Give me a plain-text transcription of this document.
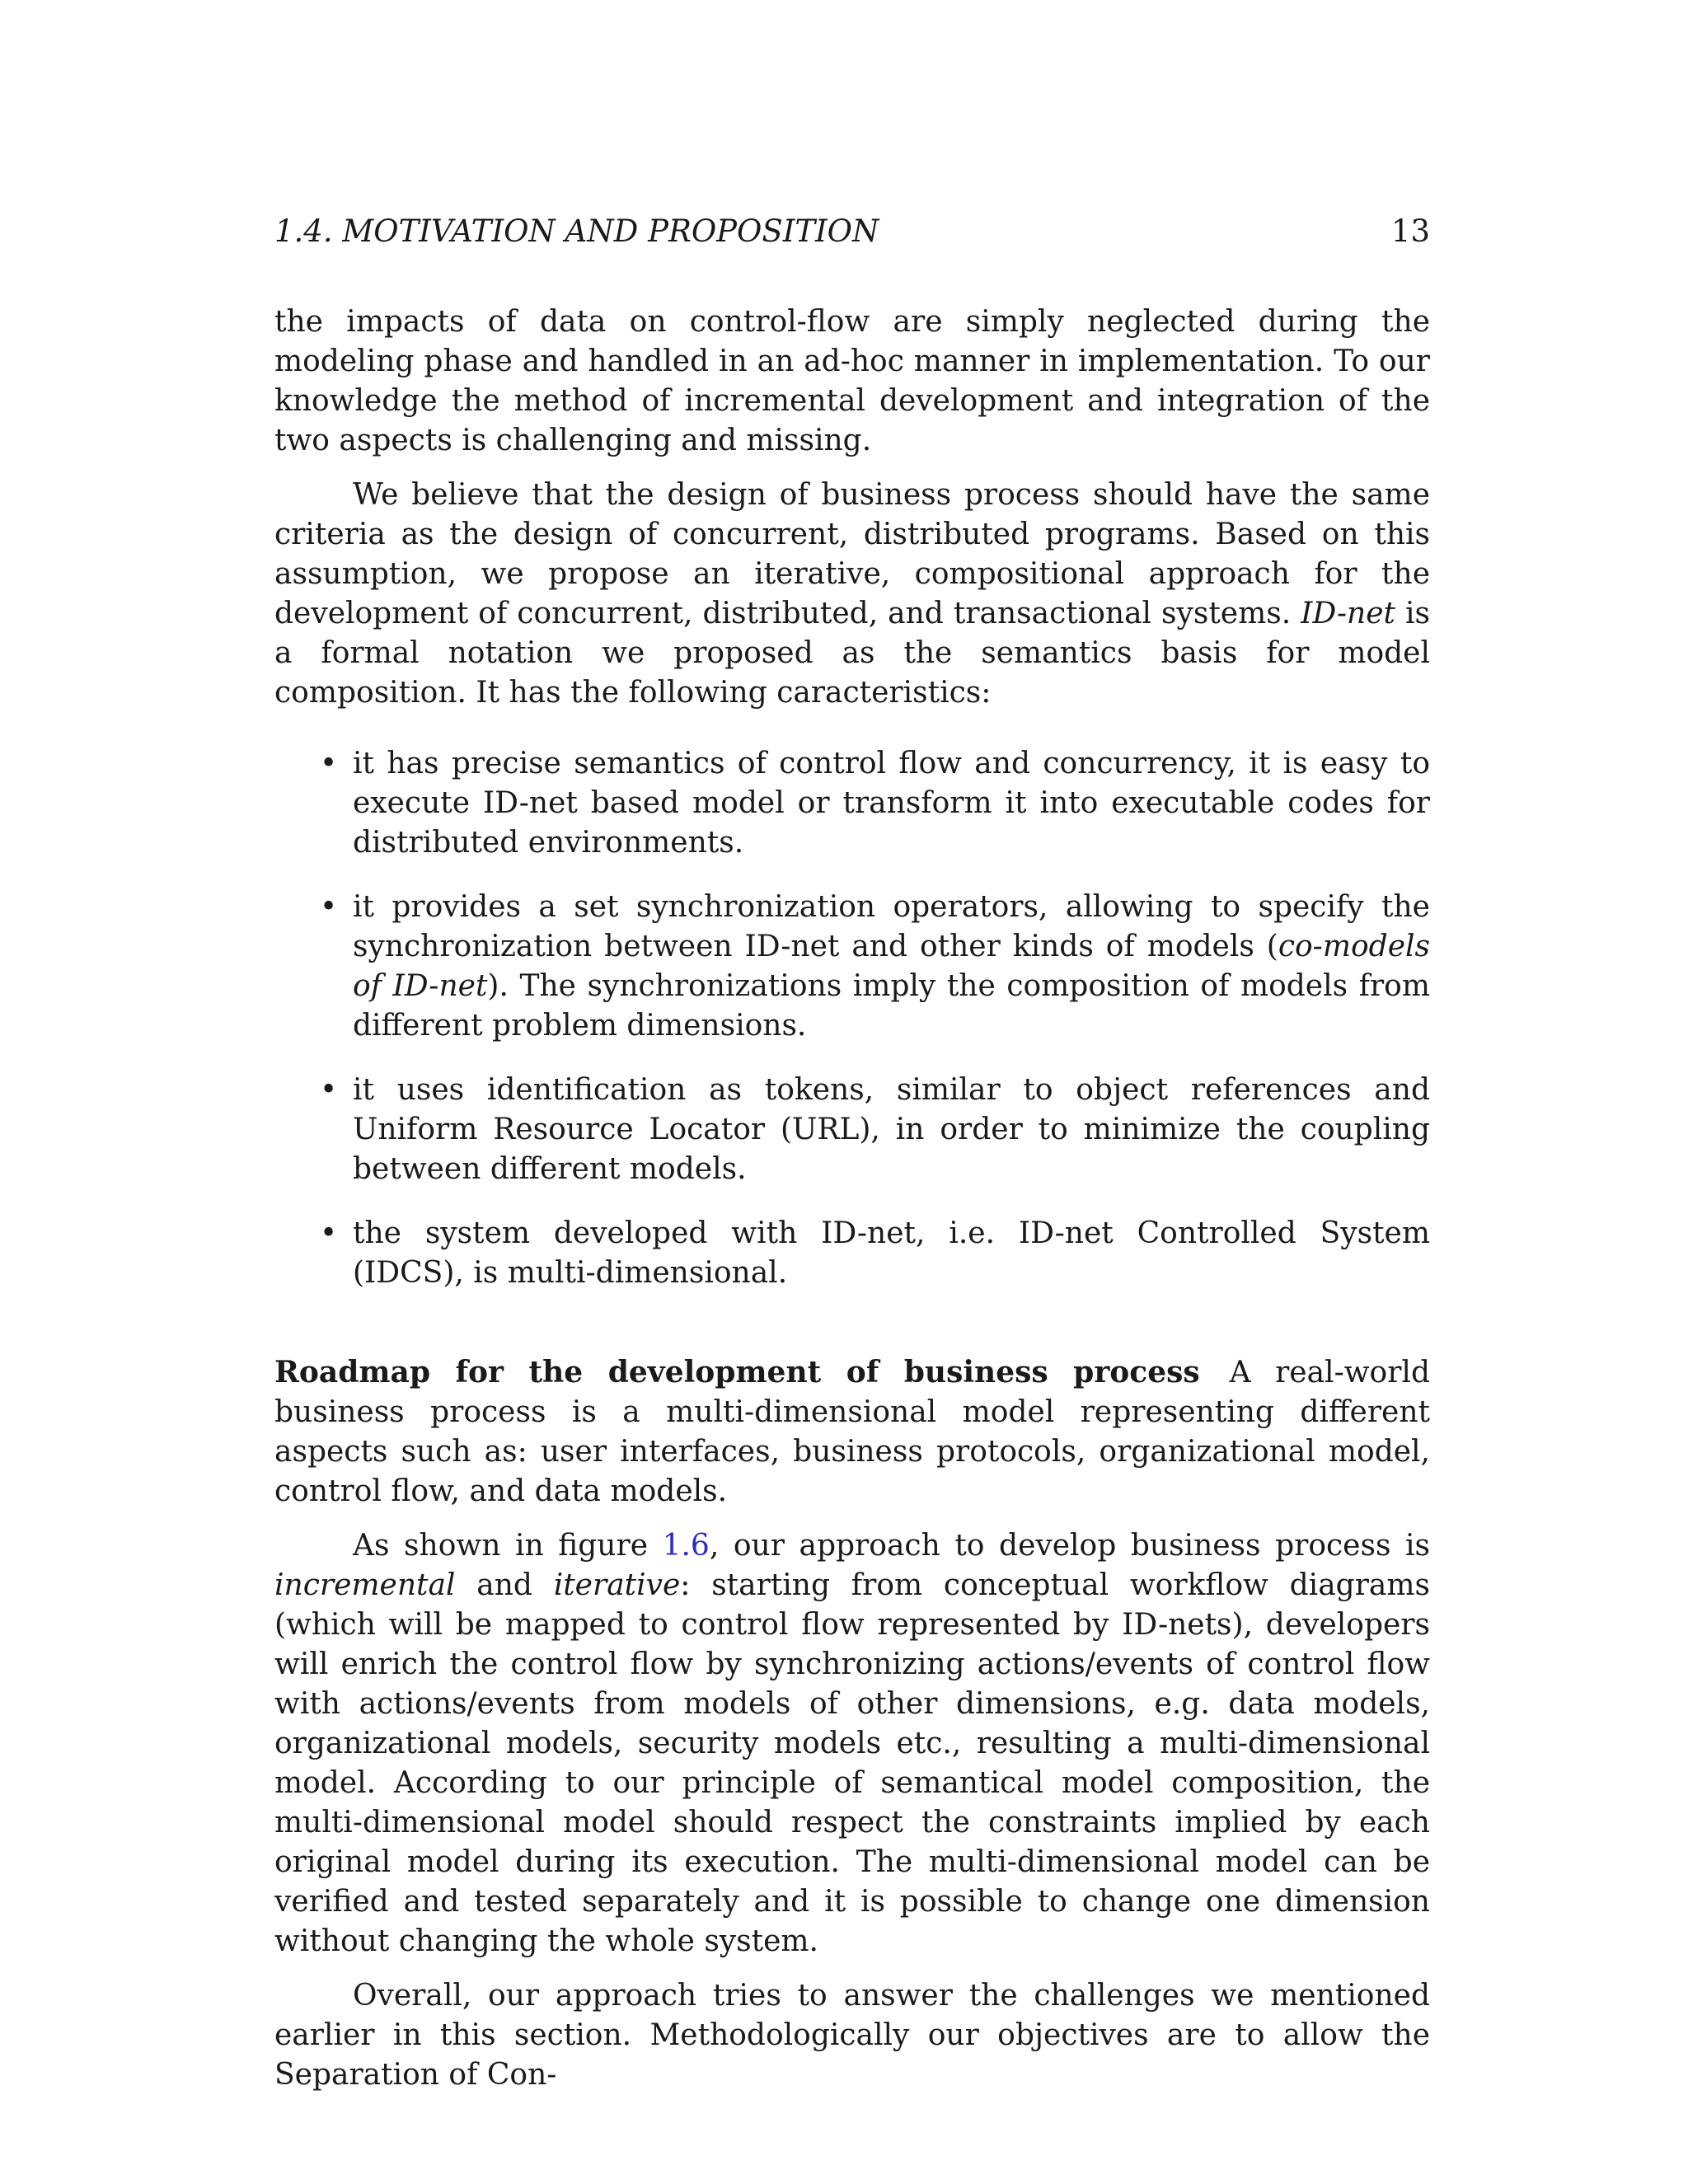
1.4. MOTIVATION AND PROPOSITION	13

the impacts of data on control-flow are simply neglected during the modeling phase and handled in an ad-hoc manner in implementation. To our knowledge the method of incremental development and integration of the two aspects is challenging and missing.

We believe that the design of business process should have the same criteria as the design of concurrent, distributed programs. Based on this assumption, we propose an iterative, compositional approach for the development of concurrent, distributed, and transactional systems. ID-net is a formal notation we proposed as the semantics basis for model composition. It has the following caracteristics:

• it has precise semantics of control flow and concurrency, it is easy to execute ID-net based model or transform it into executable codes for distributed environments.
• it provides a set synchronization operators, allowing to specify the synchronization between ID-net and other kinds of models (co-models of ID-net). The synchronizations imply the composition of models from different problem dimensions.
• it uses identification as tokens, similar to object references and Uniform Resource Locator (URL), in order to minimize the coupling between different models.
• the system developed with ID-net, i.e. ID-net Controlled System (IDCS), is multi-dimensional.

Roadmap for the development of business process A real-world business process is a multi-dimensional model representing different aspects such as: user interfaces, business protocols, organizational model, control flow, and data models.

As shown in figure 1.6, our approach to develop business process is incremental and iterative: starting from conceptual workflow diagrams (which will be mapped to control flow represented by ID-nets), developers will enrich the control flow by synchronizing actions/events of control flow with actions/events from models of other dimensions, e.g. data models, organizational models, security models etc., resulting a multi-dimensional model. According to our principle of semantical model composition, the multi-dimensional model should respect the constraints implied by each original model during its execution. The multi-dimensional model can be verified and tested separately and it is possible to change one dimension without changing the whole system.

Overall, our approach tries to answer the challenges we mentioned earlier in this section. Methodologically our objectives are to allow the Separation of Con-
